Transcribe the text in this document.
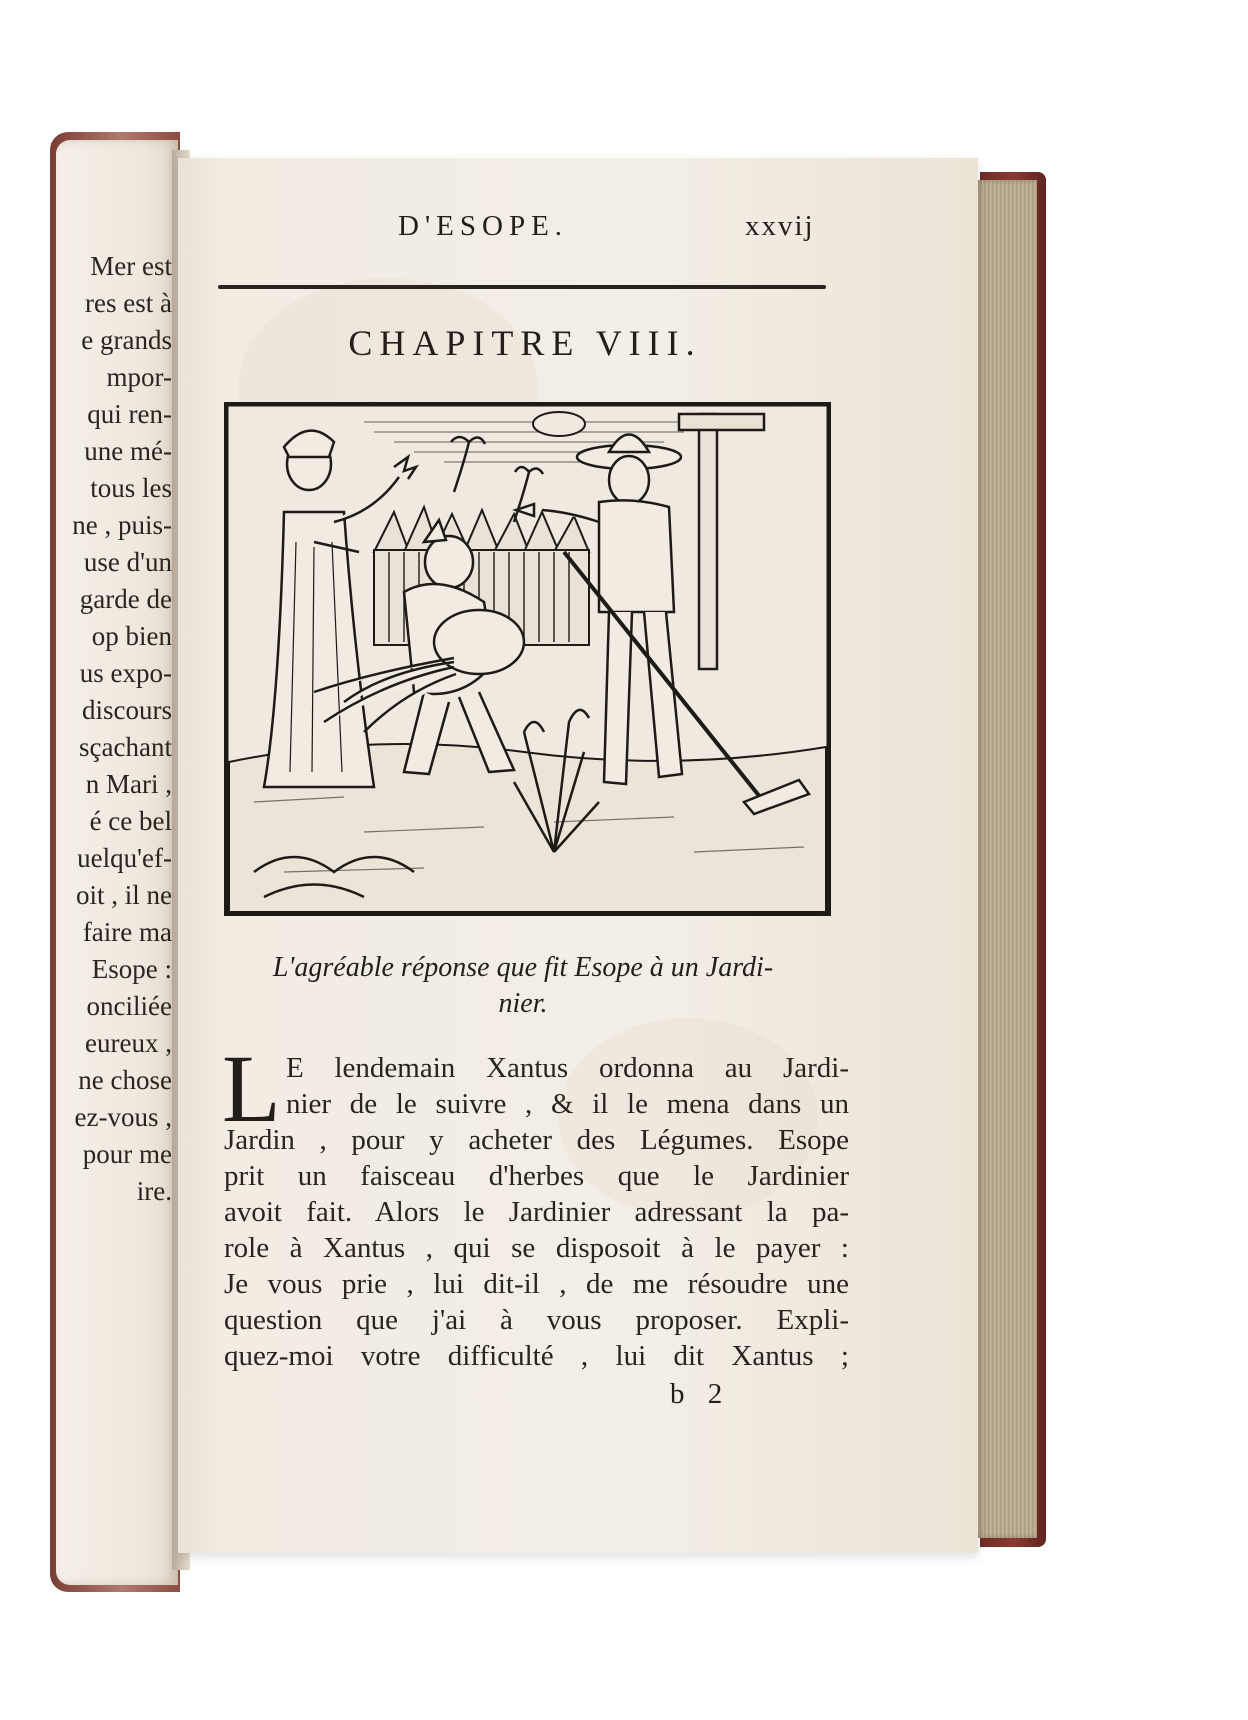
Mer est
res est à
e grands
mpor-
qui ren-
une mé-
tous les
ne , puis-
use d'un
garde de
op bien
us expo-
discours
sçachant
n Mari ,
é ce bel
uelqu'ef-
oit , il ne
faire ma
Esope :
onciliée
eureux ,
ne chose
ez-vous ,
pour me
ire.
D'ESOPE.	xxvij
CHAPITRE VIII.
L'agréable réponse que fit Esope à un Jardi-
nier.
L E lendemain Xantus ordonna au Jardi-
nier de le suivre , & il le mena dans un
Jardin , pour y acheter des Légumes. Esope
prit un faisceau d'herbes que le Jardinier
avoit fait. Alors le Jardinier adressant la pa-
role à Xantus , qui se disposoit à le payer :
Je vous prie , lui dit-il , de me résoudre une
question que j'ai à vous proposer. Expli-
quez-moi votre difficulté , lui dit Xantus ;
b 2
